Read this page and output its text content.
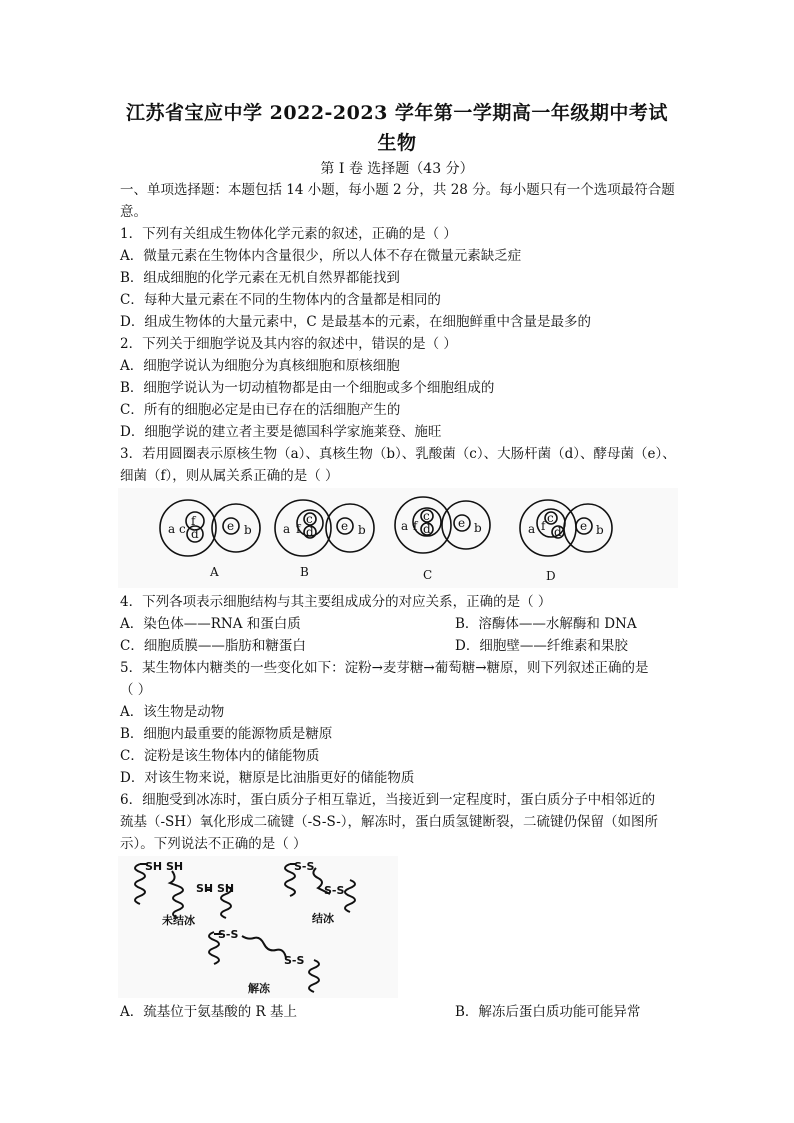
江苏省宝应中学 2022-2023 学年第一学期高一年级期中考试
生物
第 I 卷 选择题（43 分）
一、单项选择题：本题包括 14 小题，每小题 2 分，共 28 分。每小题只有一个选项最符合题
意。
1．下列有关组成生物体化学元素的叙述，正确的是（ ）
A．微量元素在生物体内含量很少，所以人体不存在微量元素缺乏症
B．组成细胞的化学元素在无机自然界都能找到
C．每种大量元素在不同的生物体内的含量都是相同的
D．组成生物体的大量元素中，C 是最基本的元素，在细胞鲜重中含量是最多的
2．下列关于细胞学说及其内容的叙述中，错误的是（ ）
A．细胞学说认为细胞分为真核细胞和原核细胞
B．细胞学说认为一切动植物都是由一个细胞或多个细胞组成的
C．所有的细胞必定是由已存在的活细胞产生的
D．细胞学说的建立者主要是德国科学家施莱登、施旺
3．若用圆圈表示原核生物（a）、真核生物（b）、乳酸菌（c）、大肠杆菌（d）、酵母菌（e）、
细菌（f），则从属关系正确的是（ ）
a c
f
d
e b
A
a f
c
d e b
B
a f
c
d e b
C
a f
c
d e b
D
4．下列各项表示细胞结构与其主要组成成分的对应关系，正确的是（ ）
A．染色体——RNA 和蛋白质	B．溶酶体——水解酶和 DNA
C．细胞质膜——脂肪和糖蛋白	D．细胞壁——纤维素和果胶
5．某生物体内糖类的一些变化如下：淀粉→麦芽糖→葡萄糖→糖原，则下列叙述正确的是
（ ）
A．该生物是动物
B．细胞内最重要的能源物质是糖原
C．淀粉是该生物体内的储能物质
D．对该生物来说，糖原是比油脂更好的储能物质
6．细胞受到冰冻时，蛋白质分子相互靠近，当接近到一定程度时，蛋白质分子中相邻近的
巯基（-SH）氧化形成二硫键（-S-S-），解冻时，蛋白质氢键断裂，二硫键仍保留（如图所
示）。下列说法不正确的是（ ）
SH SH
SH SH
S-S
S-S
S-S
S-S
未结冰	结冰
解冻
A．巯基位于氨基酸的 R 基上	B．解冻后蛋白质功能可能异常
